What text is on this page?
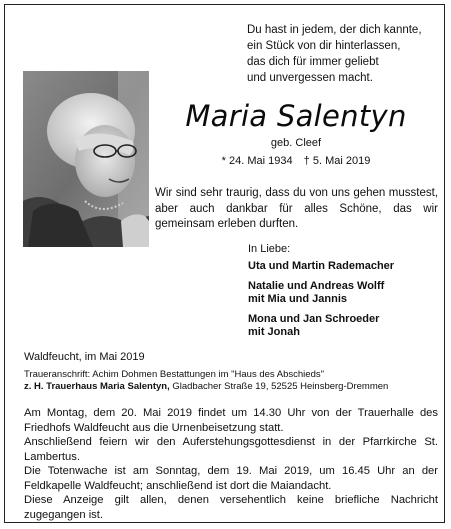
Du hast in jedem, der dich kannte,
ein Stück von dir hinterlassen,
das dich für immer geliebt
und unvergessen macht.
Maria Salentyn
geb. Cleef
* 24. Mai 1934 † 5. Mai 2019
Wir sind sehr traurig, dass du von uns gehen musstest, aber auch dankbar für alles Schöne, das wir gemeinsam erleben durften.
In Liebe:
Uta und Martin Rademacher
Natalie und Andreas Wolff
mit Mia und Jannis
Mona und Jan Schroeder
mit Jonah
Waldfeucht, im Mai 2019
Traueranschrift: Achim Dohmen Bestattungen im "Haus des Abschieds"
z. H. Trauerhaus Maria Salentyn, Gladbacher Straße 19, 52525 Heinsberg-Dremmen

Am Montag, dem 20. Mai 2019 findet um 14.30 Uhr von der Trauerhalle des Friedhofs Waldfeucht aus die Urnenbeisetzung statt.

Anschließend feiern wir den Auferstehungsgottesdienst in der Pfarrkirche St. Lambertus.

Die Totenwache ist am Sonntag, dem 19. Mai 2019, um 16.45 Uhr an der Feldkapelle Waldfeucht; anschließend ist dort die Maiandacht.

Diese Anzeige gilt allen, denen versehentlich keine briefliche Nachricht zugegangen ist.
